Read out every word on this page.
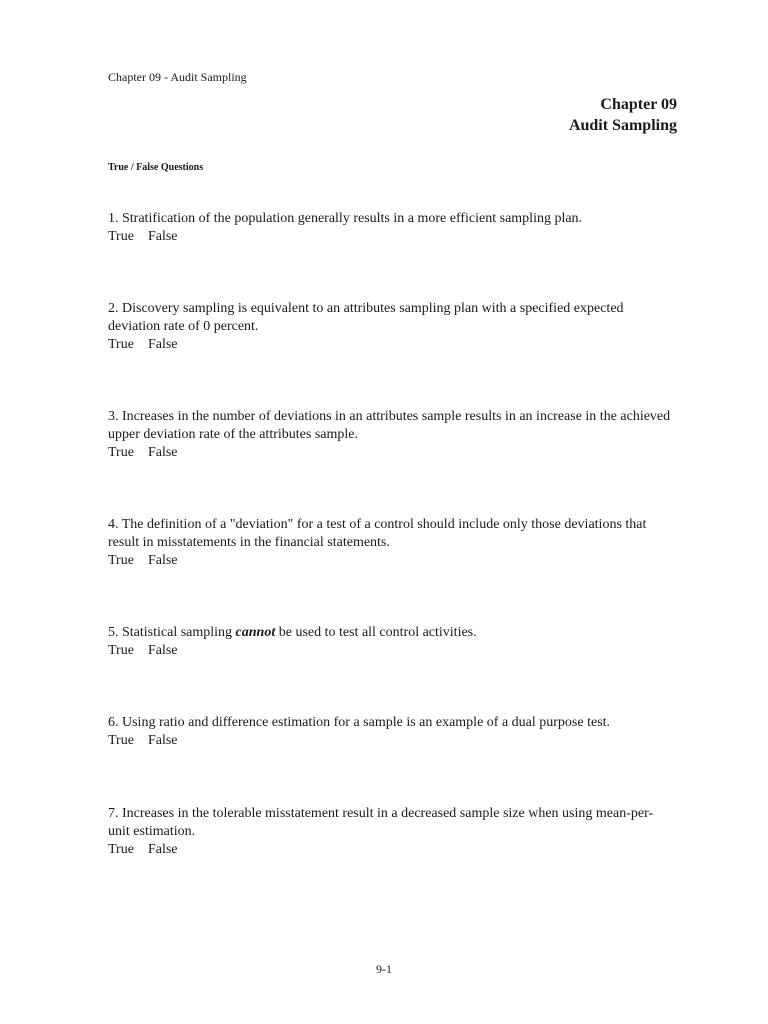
Chapter 09 - Audit Sampling
Chapter 09
Audit Sampling
True / False Questions

1. Stratification of the population generally results in a more efficient sampling plan.

True False

2. Discovery sampling is equivalent to an attributes sampling plan with a specified expected deviation rate of 0 percent.

True False

3. Increases in the number of deviations in an attributes sample results in an increase in the achieved upper deviation rate of the attributes sample.

True False

4. The definition of a "deviation" for a test of a control should include only those deviations that result in misstatements in the financial statements.

True False

5. Statistical sampling cannot be used to test all control activities.

True False

6. Using ratio and difference estimation for a sample is an example of a dual purpose test.

True False

7. Increases in the tolerable misstatement result in a decreased sample size when using mean-per-unit estimation.

True False

9-1
